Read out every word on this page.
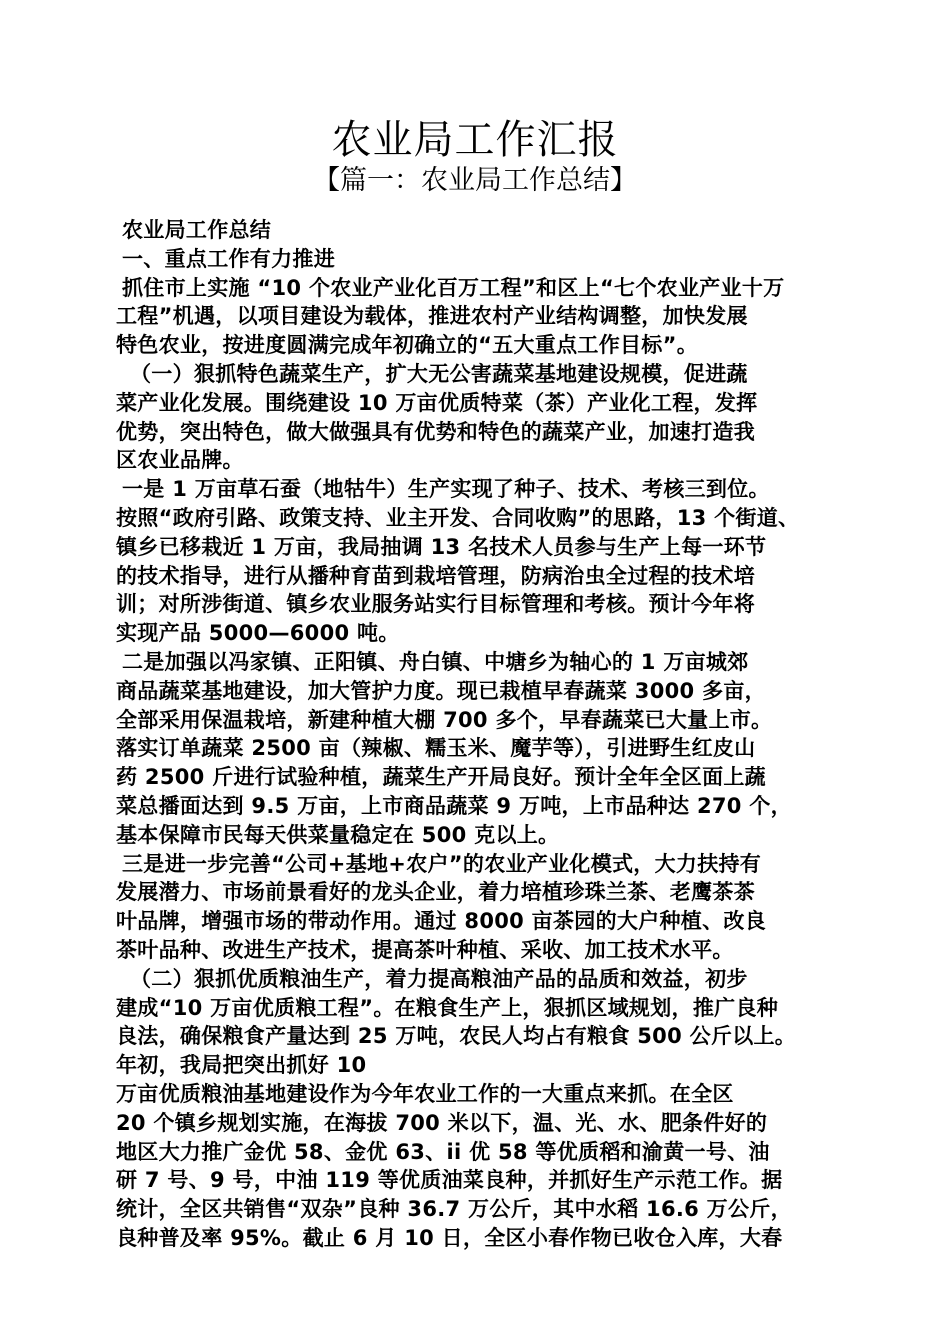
农业局工作汇报
【篇一：农业局工作总结】
农业局工作总结
一、重点工作有力推进
抓住市上实施 “10 个农业产业化百万工程”和区上“七个农业产业十万
工程”机遇，以项目建设为载体，推进农村产业结构调整，加快发展
特色农业，按进度圆满完成年初确立的“五大重点工作目标”。
（一）狠抓特色蔬菜生产，扩大无公害蔬菜基地建设规模，促进蔬
菜产业化发展。围绕建设 10 万亩优质特菜（茶）产业化工程，发挥
优势，突出特色，做大做强具有优势和特色的蔬菜产业，加速打造我
区农业品牌。
一是 1 万亩草石蚕（地牯牛）生产实现了种子、技术、考核三到位。
按照“政府引路、政策支持、业主开发、合同收购”的思路，13 个街道、
镇乡已移栽近 1 万亩，我局抽调 13 名技术人员参与生产上每一环节
的技术指导，进行从播种育苗到栽培管理，防病治虫全过程的技术培
训；对所涉街道、镇乡农业服务站实行目标管理和考核。预计今年将
实现产品 5000—6000 吨。
二是加强以冯家镇、正阳镇、舟白镇、中塘乡为轴心的 1 万亩城郊
商品蔬菜基地建设，加大管护力度。现已栽植早春蔬菜 3000 多亩，
全部采用保温栽培，新建种植大棚 700 多个，早春蔬菜已大量上市。
落实订单蔬菜 2500 亩（辣椒、糯玉米、魔芋等），引进野生红皮山
药 2500 斤进行试验种植，蔬菜生产开局良好。预计全年全区面上蔬
菜总播面达到 9.5 万亩，上市商品蔬菜 9 万吨，上市品种达 270 个，
基本保障市民每天供菜量稳定在 500 克以上。
三是进一步完善“公司+基地+农户”的农业产业化模式，大力扶持有
发展潜力、市场前景看好的龙头企业，着力培植珍珠兰茶、老鹰茶茶
叶品牌，增强市场的带动作用。通过 8000 亩茶园的大户种植、改良
茶叶品种、改进生产技术，提高茶叶种植、采收、加工技术水平。
（二）狠抓优质粮油生产，着力提高粮油产品的品质和效益，初步
建成“10 万亩优质粮工程”。在粮食生产上，狠抓区域规划，推广良种
良法，确保粮食产量达到 25 万吨，农民人均占有粮食 500 公斤以上。
年初，我局把突出抓好 10
万亩优质粮油基地建设作为今年农业工作的一大重点来抓。在全区
20 个镇乡规划实施，在海拔 700 米以下，温、光、水、肥条件好的
地区大力推广金优 58、金优 63、ii 优 58 等优质稻和渝黄一号、油
研 7 号、9 号，中油 119 等优质油菜良种，并抓好生产示范工作。据
统计，全区共销售“双杂”良种 36.7 万公斤，其中水稻 16.6 万公斤，
良种普及率 95%。截止 6 月 10 日，全区小春作物已收仓入库，大春
